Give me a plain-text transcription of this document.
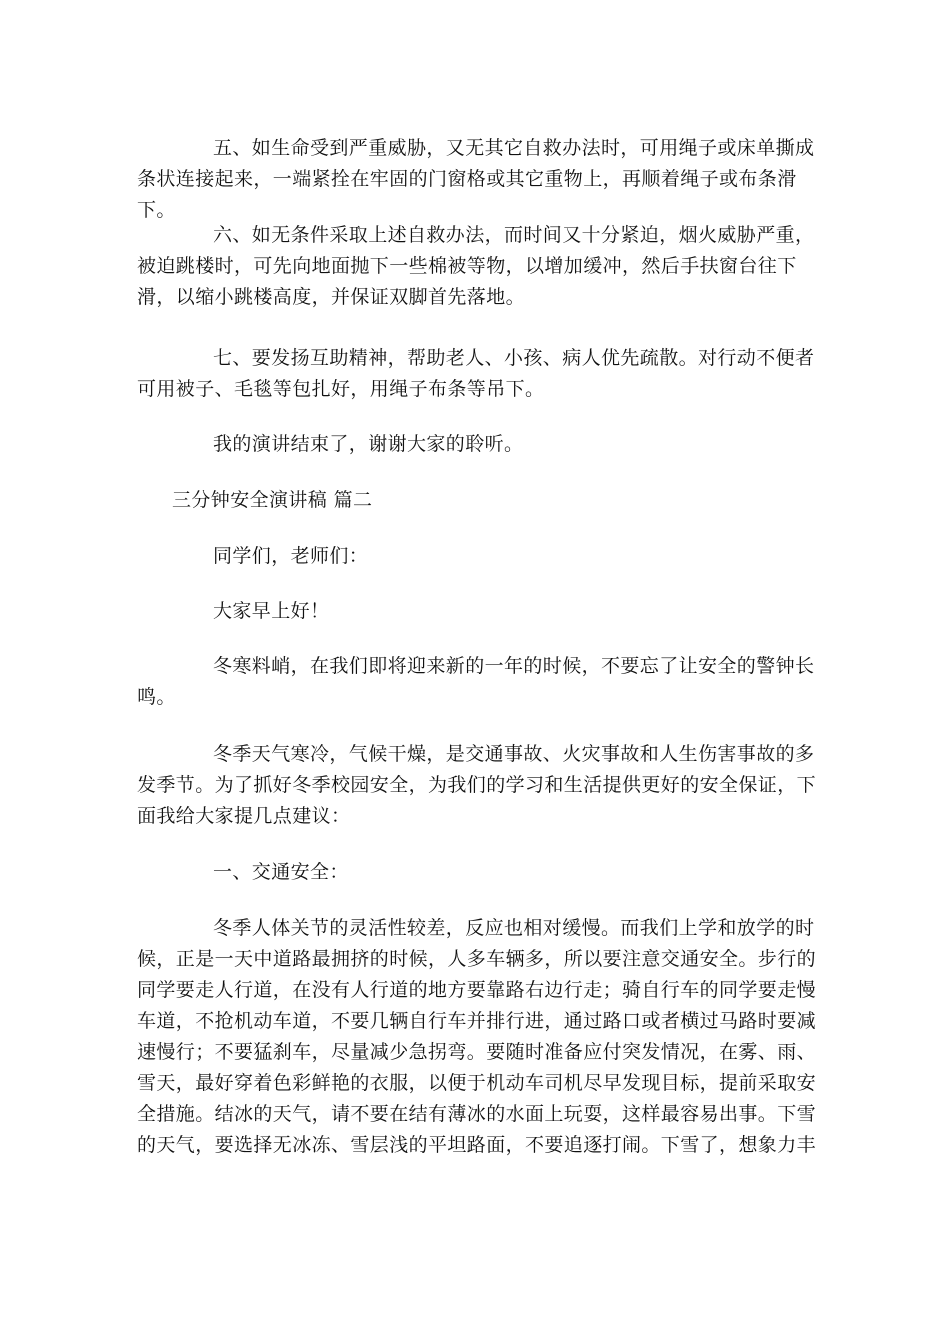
五、如生命受到严重威胁，又无其它自救办法时，可用绳子或床单撕成条状连接起来，一端紧拴在牢固的门窗格或其它重物上，再顺着绳子或布条滑下。

六、如无条件采取上述自救办法，而时间又十分紧迫，烟火威胁严重，被迫跳楼时，可先向地面抛下一些棉被等物，以增加缓冲，然后手扶窗台往下滑，以缩小跳楼高度，并保证双脚首先落地。

七、要发扬互助精神，帮助老人、小孩、病人优先疏散。对行动不便者可用被子、毛毯等包扎好，用绳子布条等吊下。

我的演讲结束了，谢谢大家的聆听。

三分钟安全演讲稿 篇二

同学们，老师们：

大家早上好！

冬寒料峭，在我们即将迎来新的一年的时候，不要忘了让安全的警钟长鸣。

冬季天气寒冷，气候干燥，是交通事故、火灾事故和人生伤害事故的多发季节。为了抓好冬季校园安全，为我们的学习和生活提供更好的安全保证，下面我给大家提几点建议：

一、交通安全：

冬季人体关节的灵活性较差，反应也相对缓慢。而我们上学和放学的时候，正是一天中道路最拥挤的时候，人多车辆多，所以要注意交通安全。步行的同学要走人行道，在没有人行道的地方要靠路右边行走；骑自行车的同学要走慢车道，不抢机动车道，不要几辆自行车并排行进，通过路口或者横过马路时要减速慢行；不要猛刹车，尽量减少急拐弯。要随时准备应付突发情况，在雾、雨、雪天，最好穿着色彩鲜艳的衣服，以便于机动车司机尽早发现目标，提前采取安全措施。结冰的天气，请不要在结有薄冰的水面上玩耍，这样最容易出事。下雪的天气，要选择无冰冻、雪层浅的平坦路面，不要追逐打闹。下雪了，想象力丰
